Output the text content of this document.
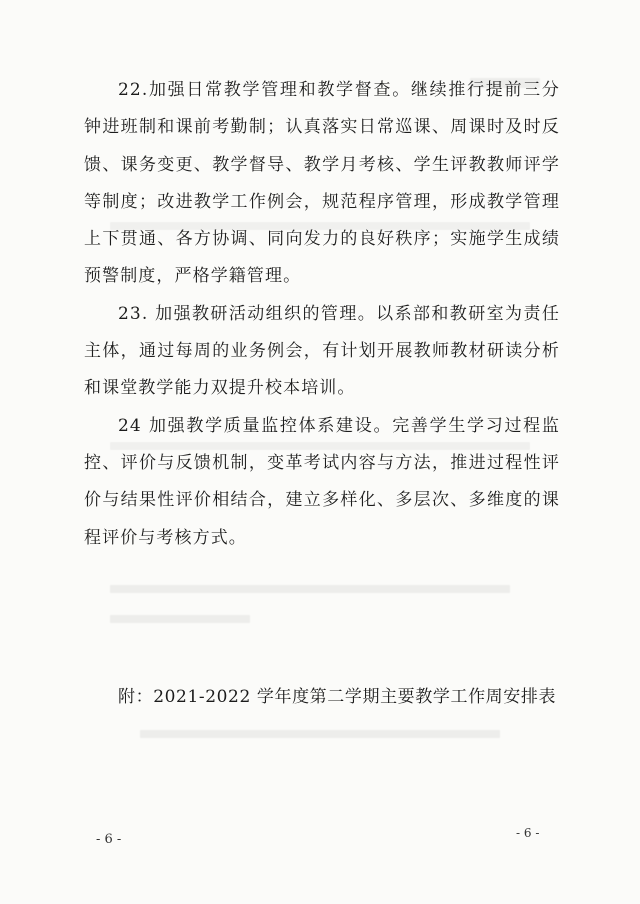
22.加强日常教学管理和教学督查。继续推行提前三分钟进班制和课前考勤制；认真落实日常巡课、周课时及时反馈、课务变更、教学督导、教学月考核、学生评教教师评学等制度；改进教学工作例会，规范程序管理，形成教学管理上下贯通、各方协调、同向发力的良好秩序；实施学生成绩预警制度，严格学籍管理。

23. 加强教研活动组织的管理。以系部和教研室为责任主体，通过每周的业务例会，有计划开展教师教材研读分析和课堂教学能力双提升校本培训。

24 加强教学质量监控体系建设。完善学生学习过程监控、评价与反馈机制，变革考试内容与方法，推进过程性评价与结果性评价相结合，建立多样化、多层次、多维度的课程评价与考核方式。

附：2021-2022 学年度第二学期主要教学工作周安排表
- 6 -	- 6 -
